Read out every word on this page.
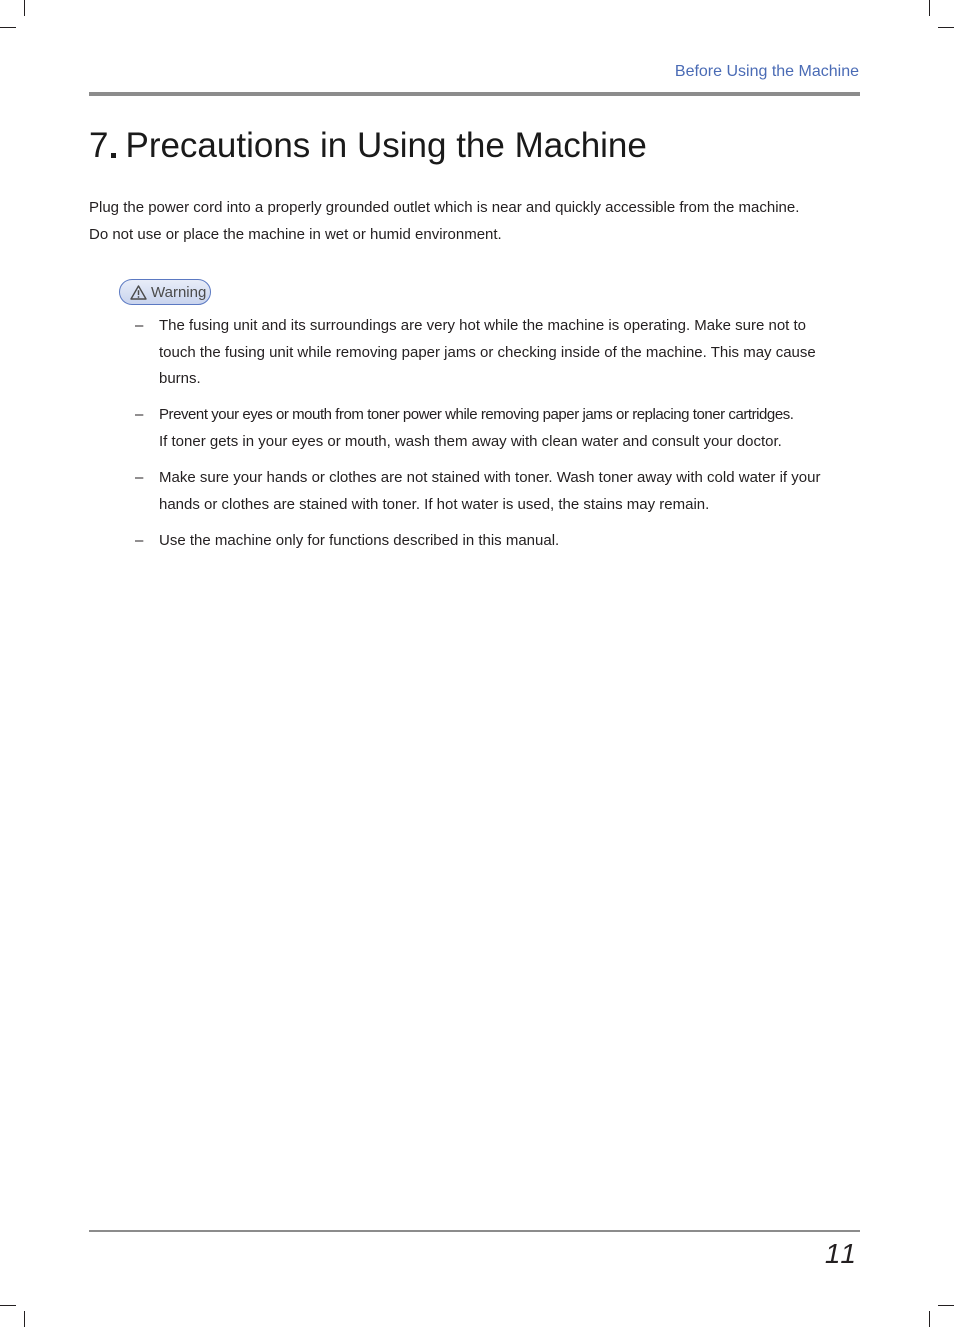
Before Using the Machine
7 Precautions in Using the Machine

Plug the power cord into a properly grounded outlet which is near and quickly accessible from the machine.

Do not use or place the machine in wet or humid environment.

Warning
– The fusing unit and its surroundings are very hot while the machine is operating. Make sure not to
touch the fusing unit while removing paper jams or checking inside of the machine. This may cause
burns.
– Prevent your eyes or mouth from toner power while removing paper jams or replacing toner cartridges.
If toner gets in your eyes or mouth, wash them away with clean water and consult your doctor.
– Make sure your hands or clothes are not stained with toner. Wash toner away with cold water if your
hands or clothes are stained with toner. If hot water is used, the stains may remain.
– Use the machine only for functions described in this manual.
11
